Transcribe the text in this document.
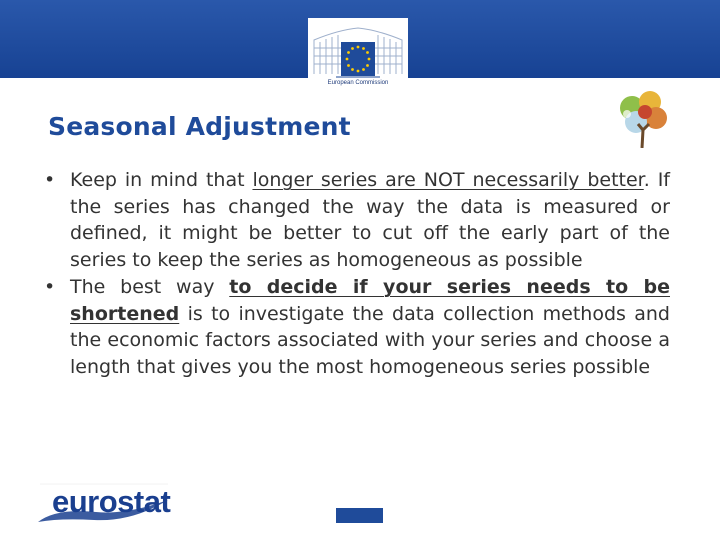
European Commission
Seasonal Adjustment
• Keep in mind that longer series are NOT necessarily better. If the series has changed the way the data is measured or defined, it might be better to cut off the early part of the series to keep the series as homogeneous as possible

• The best way to decide if your series needs to be shortened is to investigate the data collection methods and the economic factors associated with your series and choose a length that gives you the most homogeneous series possible

eurostat
